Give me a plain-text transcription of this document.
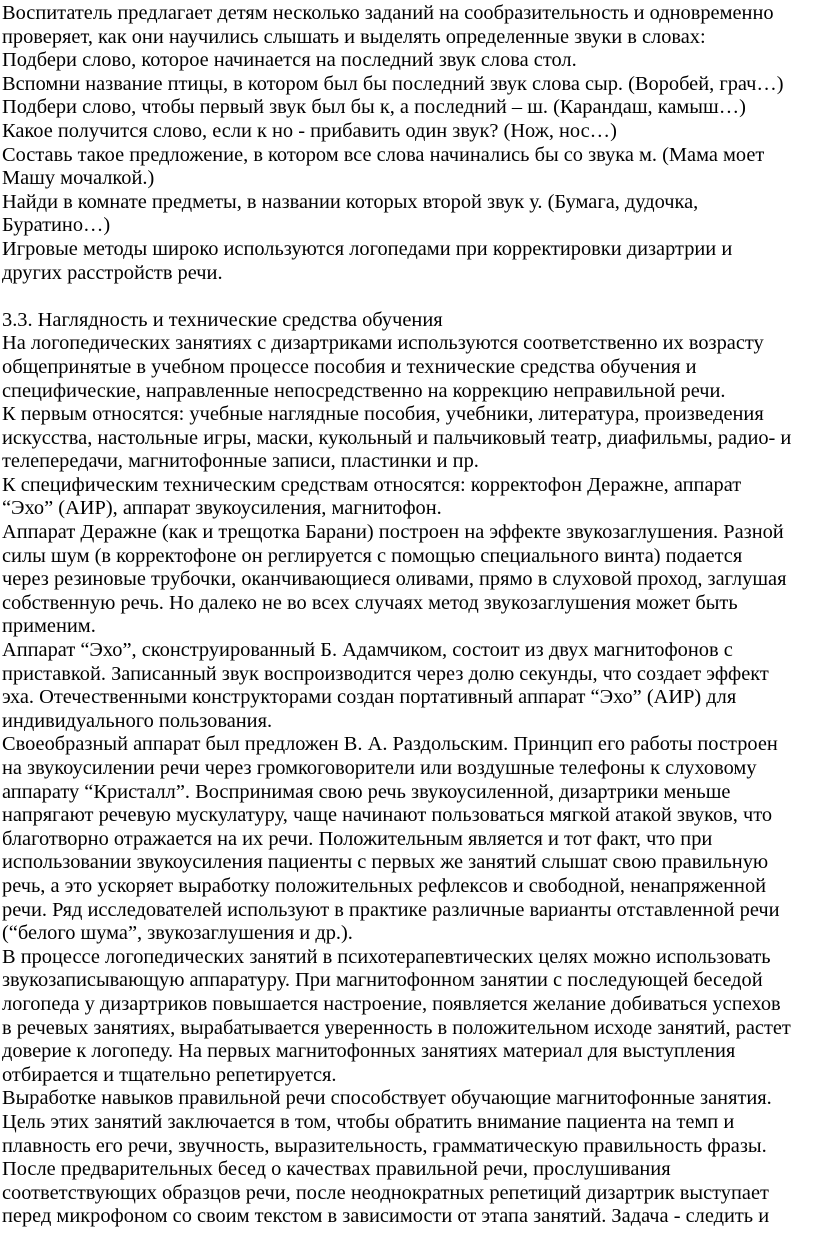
Воспитатель предлагает детям несколько заданий на сообразительность и одновременно
проверяет, как они научились слышать и выделять определенные звуки в словах:
Подбери слово, которое начинается на последний звук слова стол.
Вспомни название птицы, в котором был бы последний звук слова сыр. (Воробей, грач…)
Подбери слово, чтобы первый звук был бы к, а последний – ш. (Карандаш, камыш…)
Какое получится слово, если к но - прибавить один звук? (Нож, нос…)
Составь такое предложение, в котором все слова начинались бы со звука м. (Мама моет
Машу мочалкой.)
Найди в комнате предметы, в названии которых второй звук у. (Бумага, дудочка,
Буратино…)
Игровые методы широко используются логопедами при корректировки дизартрии и
других расстройств речи.
3.3. Наглядность и технические средства обучения
На логопедических занятиях с дизартриками используются соответственно их возрасту
общепринятые в учебном процессе пособия и технические средства обучения и
специфические, направленные непосредственно на коррекцию неправильной речи.
К первым относятся: учебные наглядные пособия, учебники, литература, произведения
искусства, настольные игры, маски, кукольный и пальчиковый театр, диафильмы, радио- и
телепередачи, магнитофонные записи, пластинки и пр.
К специфическим техническим средствам относятся: корректофон Деражне, аппарат
“Эхо” (АИР), аппарат звукоусиления, магнитофон.
Аппарат Деражне (как и трещотка Барани) построен на эффекте звукозаглушения. Разной
силы шум (в корректофоне он реглируется с помощью специального винта) подается
через резиновые трубочки, оканчивающиеся оливами, прямо в слуховой проход, заглушая
собственную речь. Но далеко не во всех случаях метод звукозаглушения может быть
применим.
Аппарат “Эхо”, сконструированный Б. Адамчиком, состоит из двух магнитофонов с
приставкой. Записанный звук воспроизводится через долю секунды, что создает эффект
эха. Отечественными конструкторами создан портативный аппарат “Эхо” (АИР) для
индивидуального пользования.
Своеобразный аппарат был предложен В. А. Раздольским. Принцип его работы построен
на звукоусилении речи через громкоговорители или воздушные телефоны к слуховому
аппарату “Кристалл”. Воспринимая свою речь звукоусиленной, дизартрики меньше
напрягают речевую мускулатуру, чаще начинают пользоваться мягкой атакой звуков, что
благотворно отражается на их речи. Положительным является и тот факт, что при
использовании звукоусиления пациенты с первых же занятий слышат свою правильную
речь, а это ускоряет выработку положительных рефлексов и свободной, ненапряженной
речи. Ряд исследователей используют в практике различные варианты отставленной речи
(“белого шума”, звукозаглушения и др.).
В процессе логопедических занятий в психотерапевтических целях можно использовать
звукозаписывающую аппаратуру. При магнитофонном занятии с последующей беседой
логопеда у дизартриков повышается настроение, появляется желание добиваться успехов
в речевых занятиях, вырабатывается уверенность в положительном исходе занятий, растет
доверие к логопеду. На первых магнитофонных занятиях материал для выступления
отбирается и тщательно репетируется.
Выработке навыков правильной речи способствует обучающие магнитофонные занятия.
Цель этих занятий заключается в том, чтобы обратить внимание пациента на темп и
плавность его речи, звучность, выразительность, грамматическую правильность фразы.
После предварительных бесед о качествах правильной речи, прослушивания
соответствующих образцов речи, после неоднократных репетиций дизартрик выступает
перед микрофоном со своим текстом в зависимости от этапа занятий. Задача - следить и
